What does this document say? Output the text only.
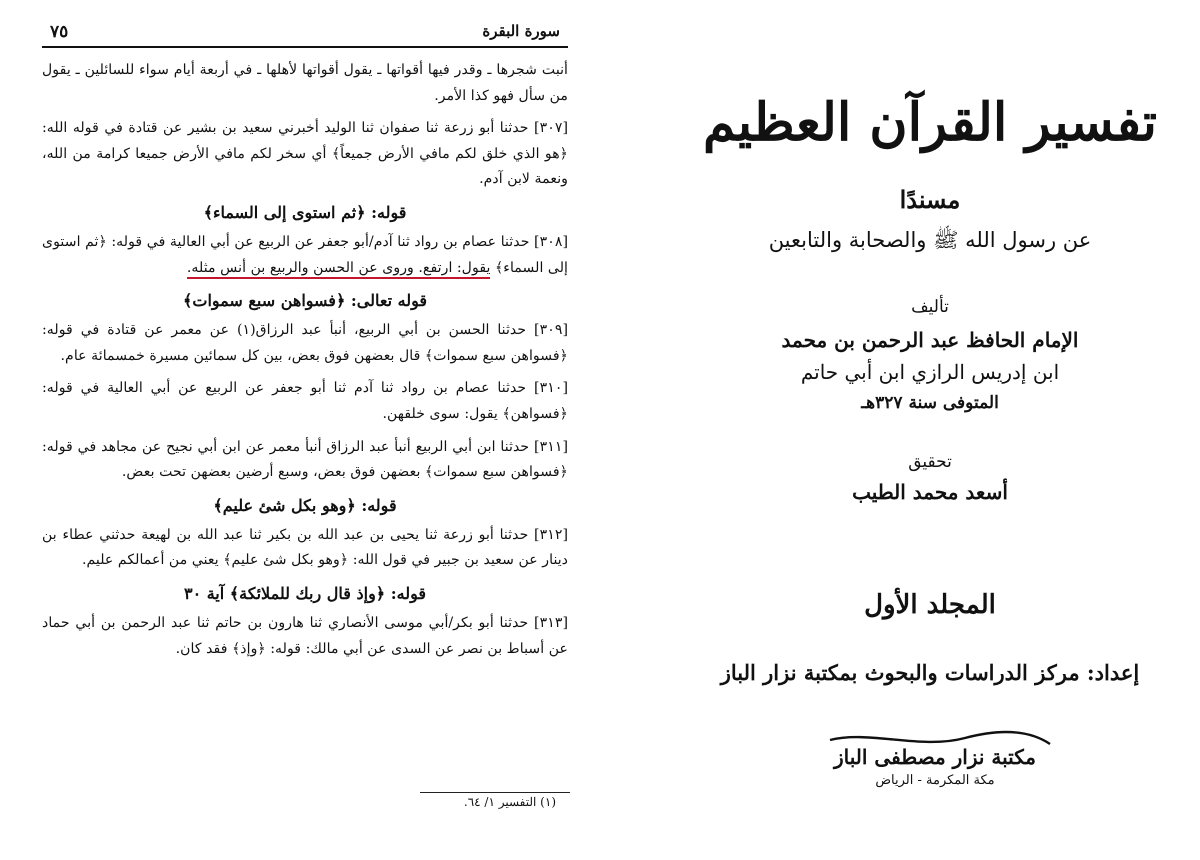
٧٥	سورة البقرة

أنبت شجرها ـ وقدر فيها أقواتها ـ يقول أقواتها لأهلها ـ في أربعة أيام سواء للسائلين ـ يقول من سأل فهو كذا الأمر.

[٣٠٧] حدثنا أبو زرعة ثنا صفوان ثنا الوليد أخبرني سعيد بن بشير عن قتادة في قوله الله: ﴿هو الذي خلق لكم مافي الأرض جميعاً﴾ أي سخر لكم مافي الأرض جميعا كرامة من الله، ونعمة لابن آدم.

قوله: ﴿ثم استوى إلى السماء﴾

[٣٠٨] حدثنا عصام بن رواد ثنا آدم/أبو جعفر عن الربيع عن أبي العالية في قوله: ﴿ثم استوى إلى السماء﴾ يقول: ارتفع. وروى عن الحسن والربيع بن أنس مثله.

قوله تعالى: ﴿فسواهن سبع سموات﴾

[٣٠٩] حدثنا الحسن بن أبي الربيع، أنبأ عبد الرزاق(١) عن معمر عن قتادة في قوله: ﴿فسواهن سبع سموات﴾ قال بعضهن فوق بعض، بين كل سمائين مسيرة خمسمائة عام.

[٣١٠] حدثنا عصام بن رواد ثنا آدم ثنا أبو جعفر عن الربيع عن أبي العالية في قوله: ﴿فسواهن﴾ يقول: سوى خلقهن.

[٣١١] حدثنا ابن أبي الربيع أنبأ عبد الرزاق أنبأ معمر عن ابن أبي نجيح عن مجاهد في قوله: ﴿فسواهن سبع سموات﴾ بعضهن فوق بعض، وسبع أرضين بعضهن تحت بعض.

قوله: ﴿وهو بكل شئ عليم﴾

[٣١٢] حدثنا أبو زرعة ثنا يحيى بن عبد الله بن بكير ثنا عبد الله بن لهيعة حدثني عطاء بن دينار عن سعيد بن جبير في قول الله: ﴿وهو بكل شئ عليم﴾ يعني من أعمالكم عليم.

قوله: ﴿وإذ قال ربك للملائكة﴾ آية ٣٠

[٣١٣] حدثنا أبو بكر/أبي موسى الأنصاري ثنا هارون بن حاتم ثنا عبد الرحمن بن أبي حماد عن أسباط بن نصر عن السدى عن أبي مالك: قوله: ﴿وإذ﴾ فقد كان.

(١) التفسير ١/ ٦٤.
تفسير القرآن العظيم
مسندًا
عن رسول الله ﷺ والصحابة والتابعين
تأليف
الإمام الحافظ عبد الرحمن بن محمد
ابن إدريس الرازي ابن أبي حاتم
المتوفى سنة ٣٢٧هـ
تحقيق
أسعد محمد الطيب
المجلد الأول
إعداد: مركز الدراسات والبحوث بمكتبة نزار الباز
مكتبة نزار مصطفى الباز
مكة المكرمة - الرياض
